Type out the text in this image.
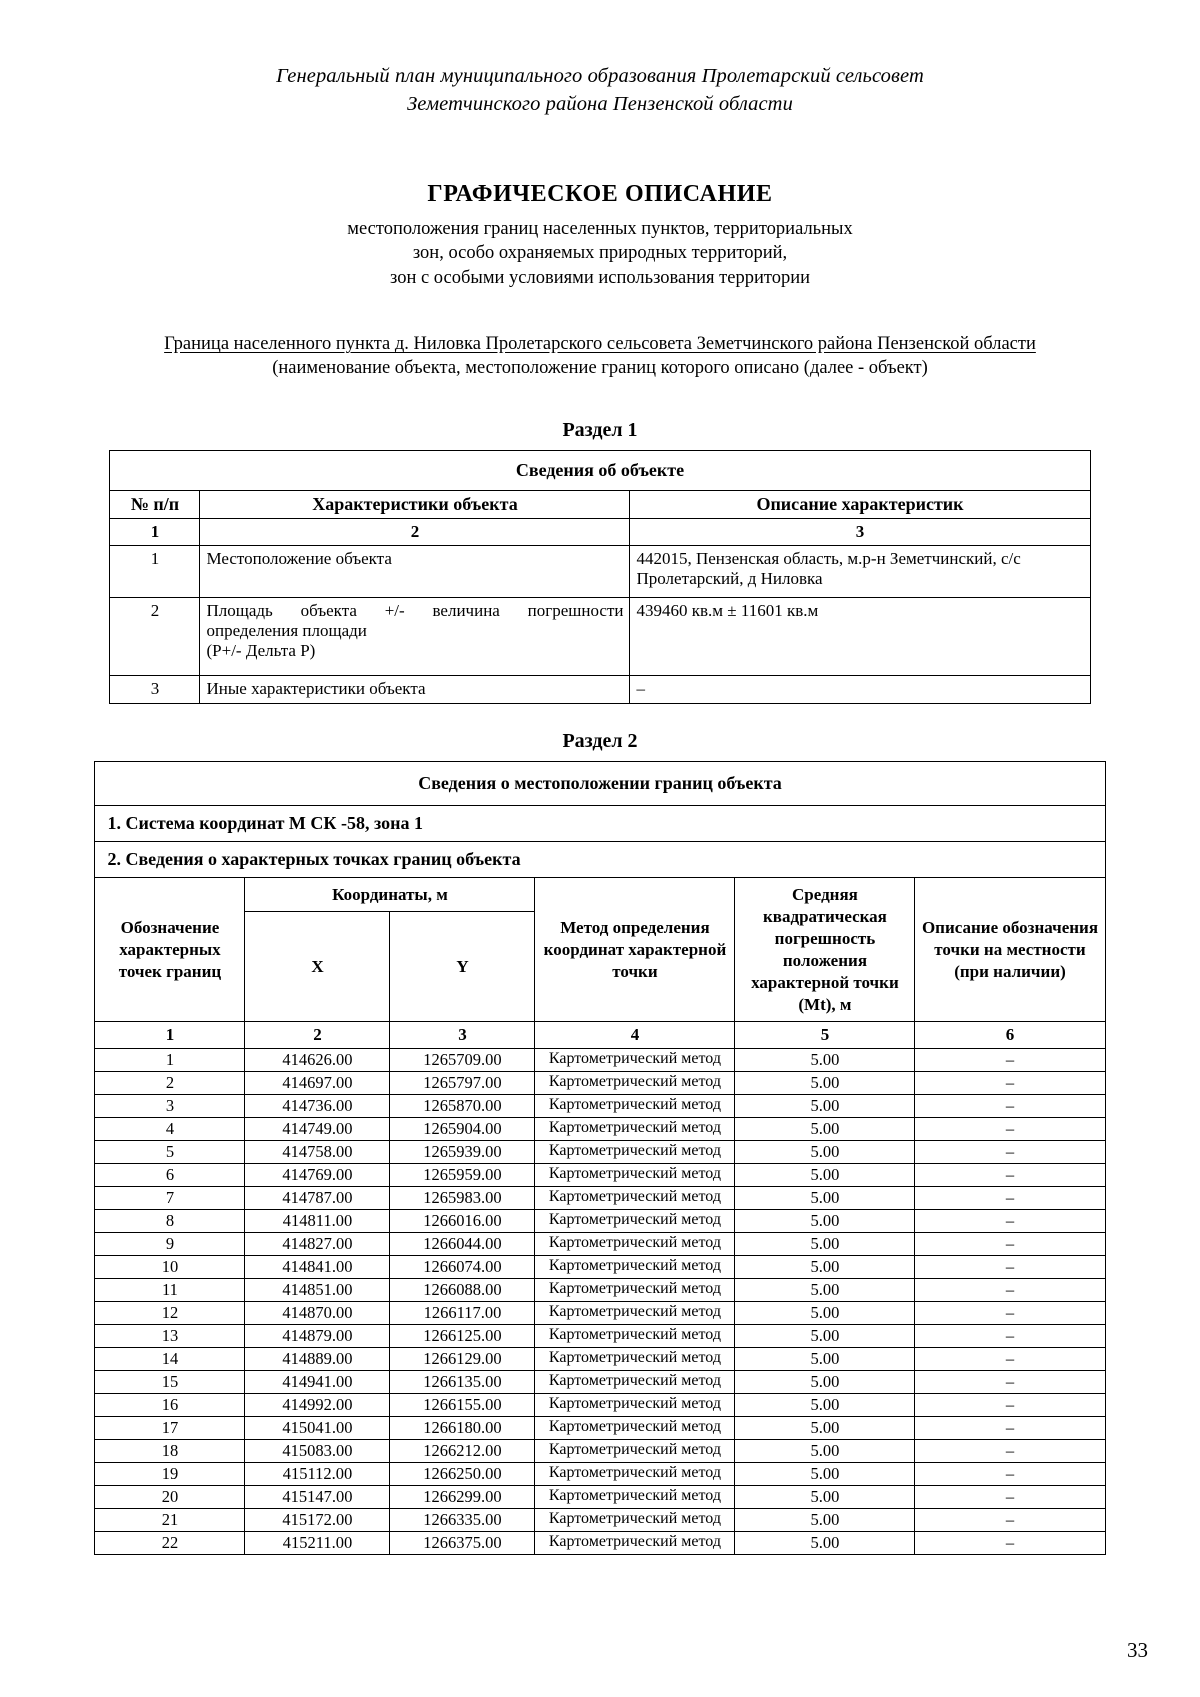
Генеральный план муниципального образования Пролетарский сельсовет
Земетчинского района Пензенской области
ГРАФИЧЕСКОЕ ОПИСАНИЕ
местоположения границ населенных пунктов, территориальных
зон, особо охраняемых природных территорий,
зон с особыми условиями использования территории
Граница населенного пункта д. Ниловка Пролетарского сельсовета Земетчинского района Пензенской области
(наименование объекта, местоположение границ которого описано (далее - объект)
Раздел 1
Сведения об объекте		
№ п/п	Характеристики объекта	Описание характеристик
1	2	3
1	Местоположение объекта	442015, Пензенская область, м.р-н Земетчинский, с/с Пролетарский, д Ниловка
2	Площадь объекта +/- величина погрешности
определения площади
(Р+/- Дельта Р)	439460 кв.м ± 11601 кв.м
3	Иные характеристики объекта	–
Раздел 2
Сведения о местоположении границ объекта					
1. Система координат М СК -58, зона 1					
2. Сведения о характерных точках границ объекта					
Обозначение характерных точек границ	Координаты, м		Метод определения координат характерной точки	Средняя квадратическая погрешность положения характерной точки (Mt), м	Описание обозначения точки на местности (при наличии)
	X	Y			
1	2	3	4	5	6
1	414626.00	1265709.00	Картометрический метод	5.00	–
2	414697.00	1265797.00	Картометрический метод	5.00	–
3	414736.00	1265870.00	Картометрический метод	5.00	–
4	414749.00	1265904.00	Картометрический метод	5.00	–
5	414758.00	1265939.00	Картометрический метод	5.00	–
6	414769.00	1265959.00	Картометрический метод	5.00	–
7	414787.00	1265983.00	Картометрический метод	5.00	–
8	414811.00	1266016.00	Картометрический метод	5.00	–
9	414827.00	1266044.00	Картометрический метод	5.00	–
10	414841.00	1266074.00	Картометрический метод	5.00	–
11	414851.00	1266088.00	Картометрический метод	5.00	–
12	414870.00	1266117.00	Картометрический метод	5.00	–
13	414879.00	1266125.00	Картометрический метод	5.00	–
14	414889.00	1266129.00	Картометрический метод	5.00	–
15	414941.00	1266135.00	Картометрический метод	5.00	–
16	414992.00	1266155.00	Картометрический метод	5.00	–
17	415041.00	1266180.00	Картометрический метод	5.00	–
18	415083.00	1266212.00	Картометрический метод	5.00	–
19	415112.00	1266250.00	Картометрический метод	5.00	–
20	415147.00	1266299.00	Картометрический метод	5.00	–
21	415172.00	1266335.00	Картометрический метод	5.00	–
22	415211.00	1266375.00	Картометрический метод	5.00	–
33
